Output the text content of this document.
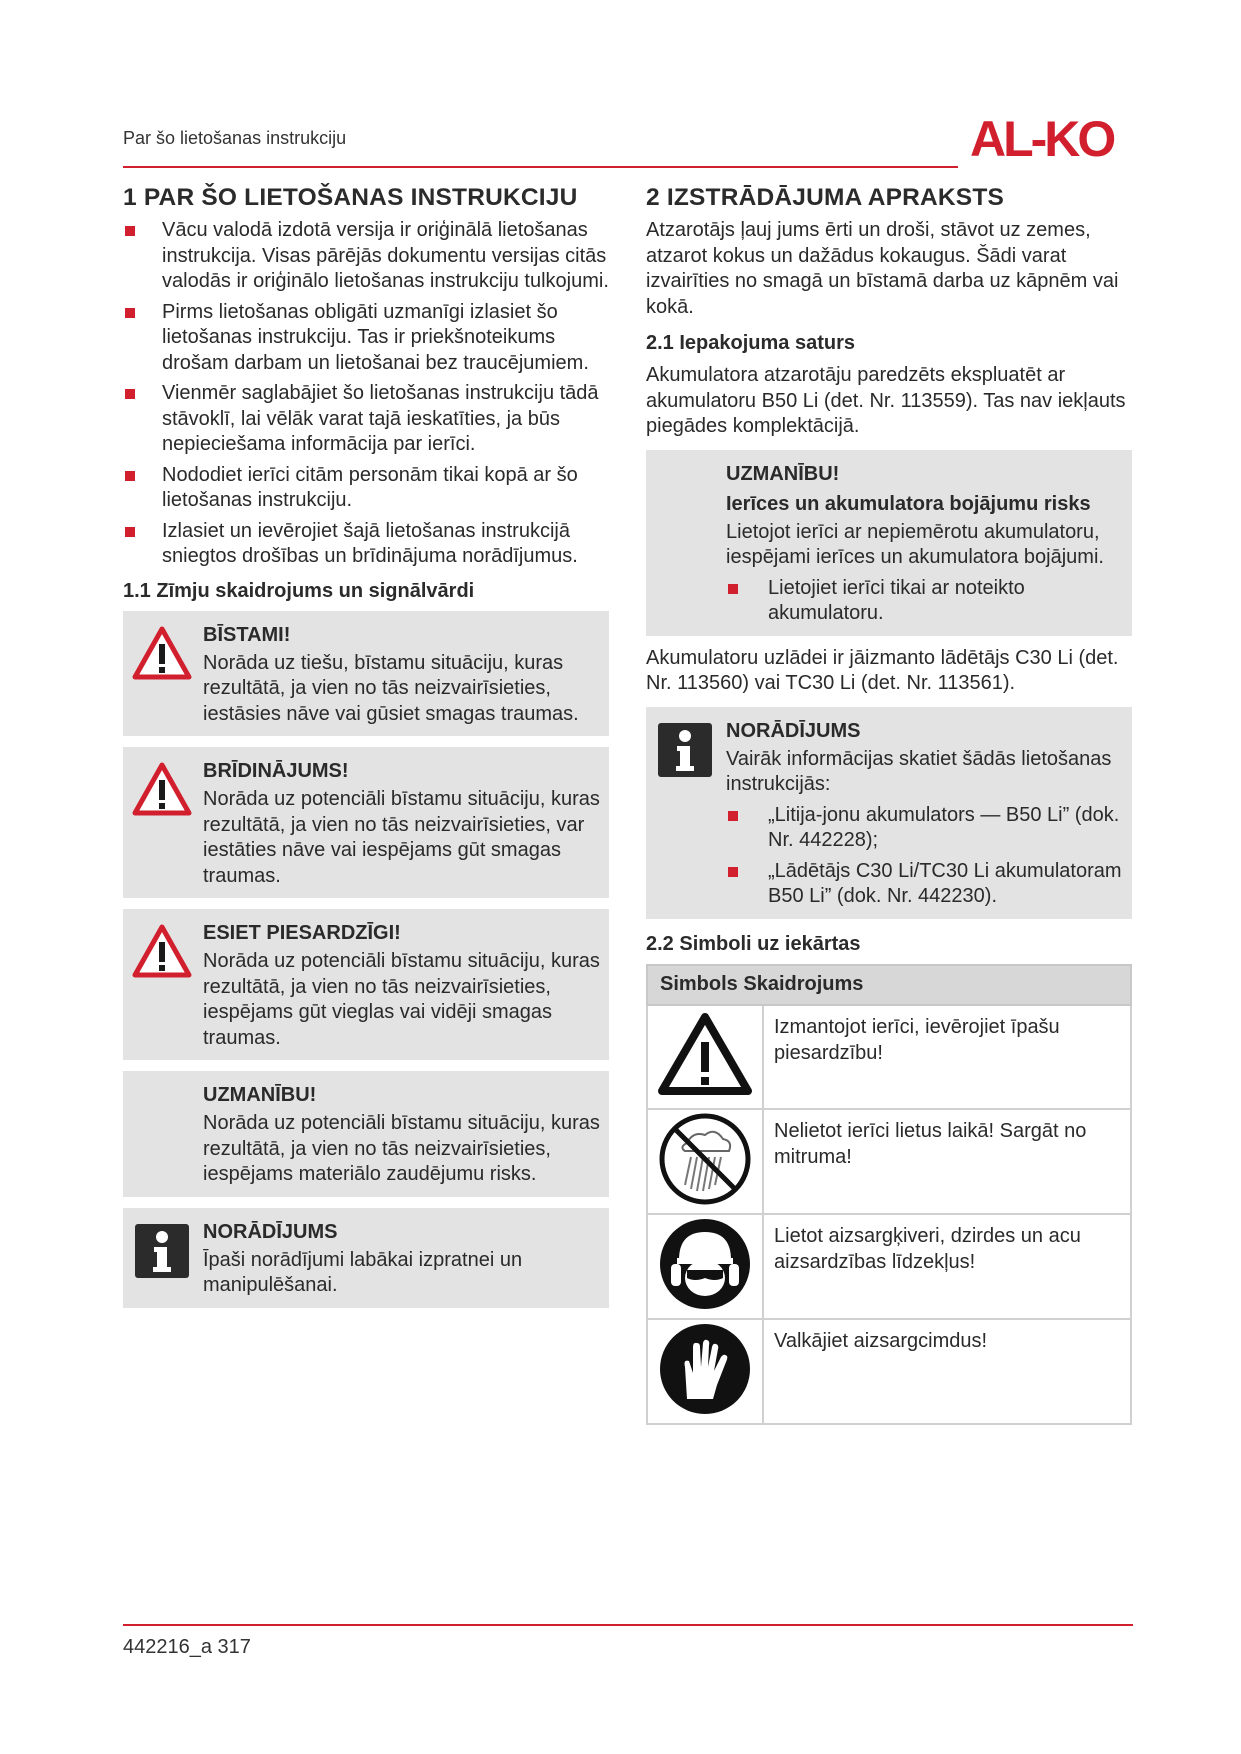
Par šo lietošanas instrukciju	AL-KO
1 PAR ŠO LIETOŠANAS INSTRUKCIJU
Vācu valodā izdotā versija ir oriģinālā lietošanas instrukcija. Visas pārējās dokumentu versijas citās valodās ir oriģinālo lietošanas instrukciju tulkojumi.
Pirms lietošanas obligāti uzmanīgi izlasiet šo lietošanas instrukciju. Tas ir priekšnoteikums drošam darbam un lietošanai bez traucējumiem.
Vienmēr saglabājiet šo lietošanas instrukciju tādā stāvoklī, lai vēlāk varat tajā ieskatīties, ja būs nepieciešama informācija par ierīci.
Nododiet ierīci citām personām tikai kopā ar šo lietošanas instrukciju.
Izlasiet un ievērojiet šajā lietošanas instrukcijā sniegtos drošības un brīdinājuma norādījumus.
1.1 Zīmju skaidrojums un signālvārdi
BĪSTAMI!
Norāda uz tiešu, bīstamu situāciju, kuras rezultātā, ja vien no tās neizvairīsieties, iestāsies nāve vai gūsiet smagas traumas.
BRĪDINĀJUMS!
Norāda uz potenciāli bīstamu situāciju, kuras rezultātā, ja vien no tās neizvairīsieties, var iestāties nāve vai iespējams gūt smagas traumas.
ESIET PIESARDZĪGI!
Norāda uz potenciāli bīstamu situāciju, kuras rezultātā, ja vien no tās neizvairīsieties, iespējams gūt vieglas vai vidēji smagas traumas.
UZMANĪBU!
Norāda uz potenciāli bīstamu situāciju, kuras rezultātā, ja vien no tās neizvairīsieties, iespējams materiālo zaudējumu risks.
NORĀDĪJUMS
Īpaši norādījumi labākai izpratnei un manipulēšanai.
2 IZSTRĀDĀJUMA APRAKSTS

Atzarotājs ļauj jums ērti un droši, stāvot uz zemes, atzarot kokus un dažādus kokaugus. Šādi varat izvairīties no smagā un bīstamā darba uz kāpnēm vai kokā.

2.1 Iepakojuma saturs

Akumulatora atzarotāju paredzēts ekspluatēt ar akumulatoru B50 Li (det. Nr. 113559). Tas nav iekļauts piegādes komplektācijā.

UZMANĪBU!
Ierīces un akumulatora bojājumu risks
Lietojot ierīci ar nepiemērotu akumulatoru, iespējami ierīces un akumulatora bojājumi.
Lietojiet ierīci tikai ar noteikto akumulatoru.

Akumulatoru uzlādei ir jāizmanto lādētājs C30 Li (det. Nr. 113560) vai TC30 Li (det. Nr. 113561).

NORĀDĪJUMS
Vairāk informācijas skatiet šādās lietošanas instrukcijās:
„Litija-jonu akumulators — B50 Li” (dok. Nr. 442228);
„Lādētājs C30 Li/TC30 Li akumulatoram B50 Li” (dok. Nr. 442230).
2.2 Simboli uz iekārtas
Simbols Skaidrojums	
	Izmantojot ierīci, ievērojiet īpašu piesardzību!
	Nelietot ierīci lietus laikā! Sargāt no mitruma!
	Lietot aizsargķiveri, dzirdes un acu aizsardzības līdzekļus!
	Valkājiet aizsargcimdus!
442216_a 317
